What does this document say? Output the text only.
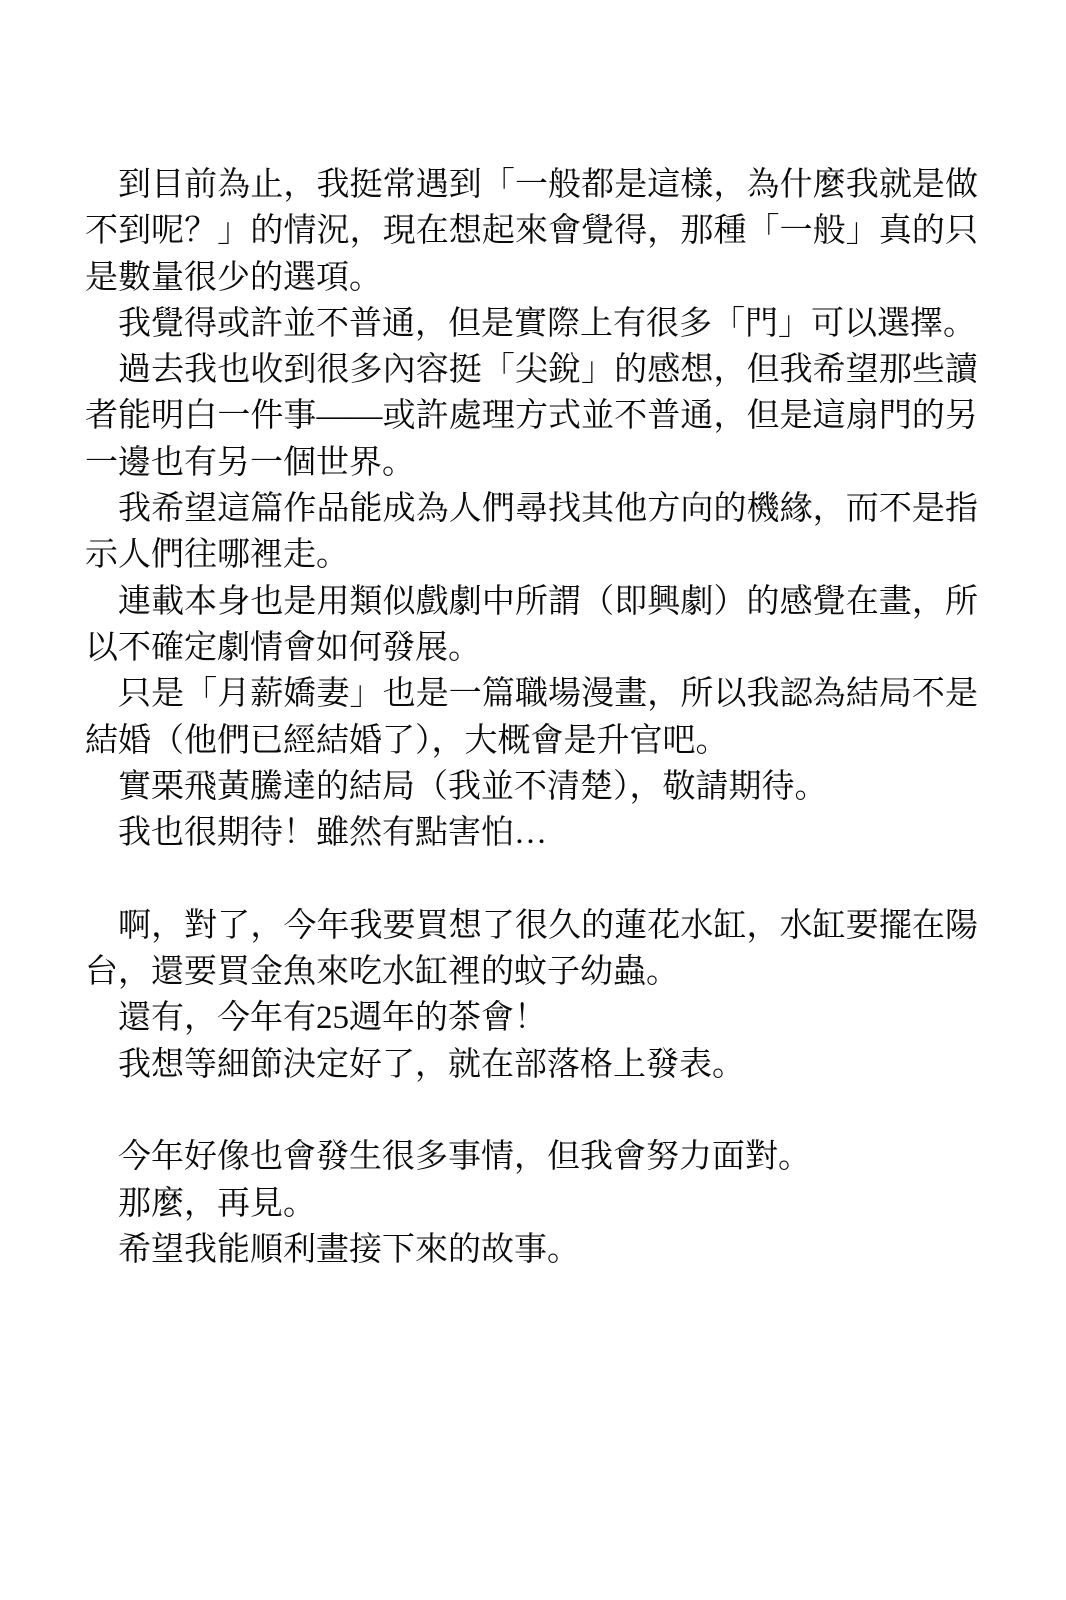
到目前為止，我挺常遇到「一般都是這樣，為什麼我就是做不到呢？」的情況，現在想起來會覺得，那種「一般」真的只是數量很少的選項。

我覺得或許並不普通，但是實際上有很多「門」可以選擇。

過去我也收到很多內容挺「尖銳」的感想，但我希望那些讀者能明白一件事——或許處理方式並不普通，但是這扇門的另一邊也有另一個世界。

我希望這篇作品能成為人們尋找其他方向的機緣，而不是指示人們往哪裡走。

連載本身也是用類似戲劇中所謂（即興劇）的感覺在畫，所以不確定劇情會如何發展。

只是「月薪嬌妻」也是一篇職場漫畫，所以我認為結局不是結婚（他們已經結婚了），大概會是升官吧。

實栗飛黃騰達的結局（我並不清楚），敬請期待。

我也很期待！雖然有點害怕…

啊，對了，今年我要買想了很久的蓮花水缸，水缸要擺在陽台，還要買金魚來吃水缸裡的蚊子幼蟲。

還有，今年有25週年的茶會！

我想等細節決定好了，就在部落格上發表。

今年好像也會發生很多事情，但我會努力面對。

那麼，再見。

希望我能順利畫接下來的故事。
